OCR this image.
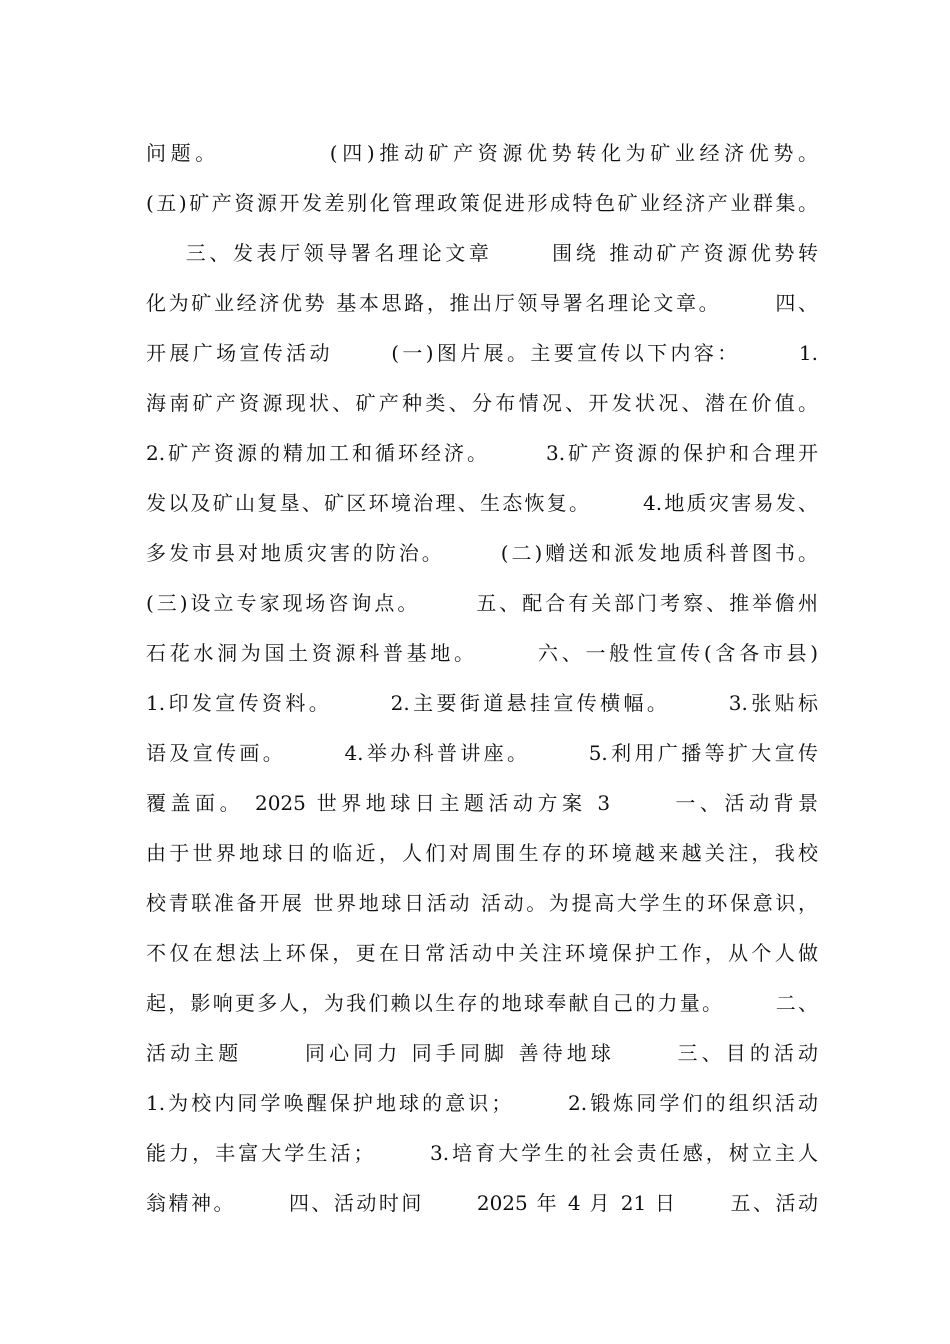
问题。          (四)推动矿产资源优势转化为矿业经济优势。
(五)矿产资源开发差别化管理政策促进形成特色矿业经济产业群集。
三、发表厅领导署名理论文章      围绕 推动矿产资源优势转
化为矿业经济优势 基本思路，推出厅领导署名理论文章。      四、
开展广场宣传活动      (一)图片展。主要宣传以下内容：      1.
海南矿产资源现状、矿产种类、分布情况、开发状况、潜在价值。
2.矿产资源的精加工和循环经济。      3.矿产资源的保护和合理开
发以及矿山复垦、矿区环境治理、生态恢复。      4.地质灾害易发、
多发市县对地质灾害的防治。      (二)赠送和派发地质科普图书。
(三)设立专家现场咨询点。      五、配合有关部门考察、推举儋州
石花水洞为国土资源科普基地。      六、一般性宣传(含各市县)
1.印发宣传资料。      2.主要街道悬挂宣传横幅。      3.张贴标
语及宣传画。      4.举办科普讲座。      5.利用广播等扩大宣传
覆盖面。 2025 世界地球日主题活动方案 3      一、活动背景
由于世界地球日的临近，人们对周围生存的环境越来越关注，我校
校青联准备开展 世界地球日活动 活动。为提高大学生的环保意识，
不仅在想法上环保，更在日常活动中关注环境保护工作，从个人做
起，影响更多人，为我们赖以生存的地球奉献自己的力量。      二、
活动主题      同心同力 同手同脚 善待地球      三、目的活动
1.为校内同学唤醒保护地球的意识；      2.锻炼同学们的组织活动
能力，丰富大学生活；      3.培育大学生的社会责任感，树立主人
翁精神。      四、活动时间      2025 年 4 月 21 日      五、活动
